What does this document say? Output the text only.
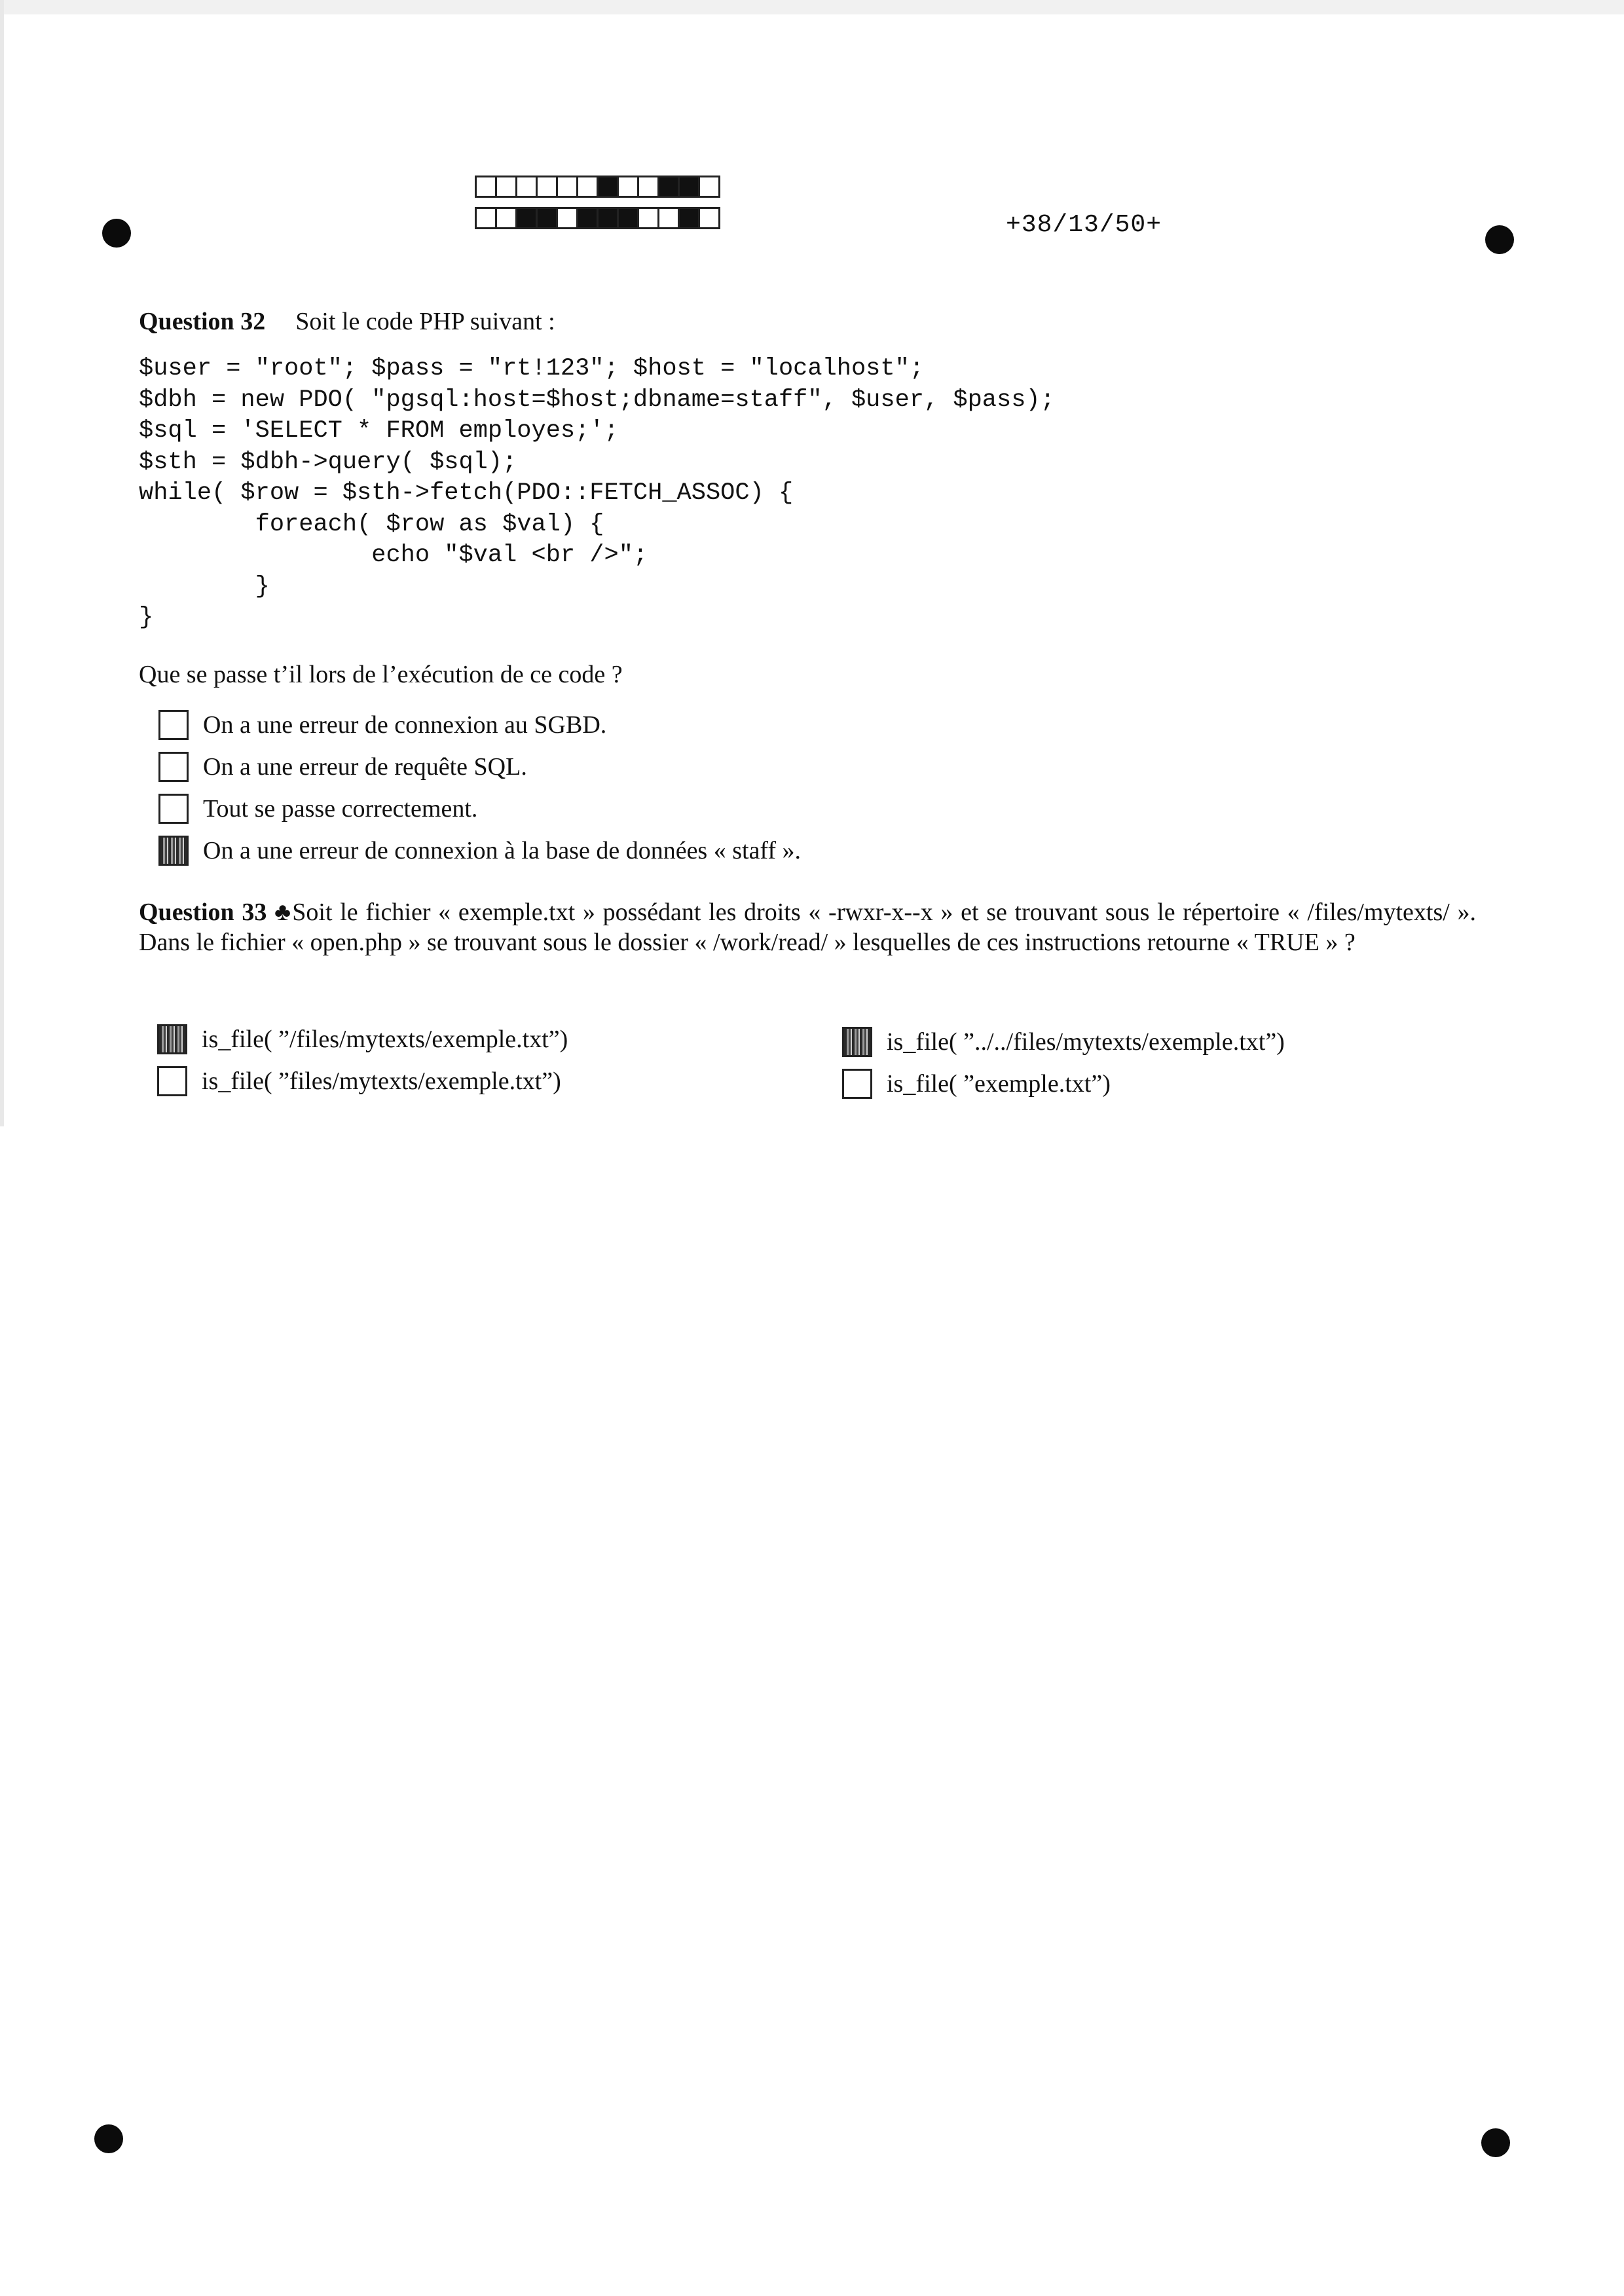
+38/13/50+
Question 32 Soit le code PHP suivant :
$user = "root"; $pass = "rt!123"; $host = "localhost";
$dbh = new PDO( "pgsql:host=$host;dbname=staff", $user, $pass);
$sql = 'SELECT * FROM employes;';
$sth = $dbh->query( $sql);
while( $row = $sth->fetch(PDO::FETCH_ASSOC) {
foreach( $row as $val) {
echo "$val <br />";
}
}
Que se passe t’il lors de l’exécution de ce code ?
On a une erreur de connexion au SGBD.
On a une erreur de requête SQL.
Tout se passe correctement.
On a une erreur de connexion à la base de données « staff ».
Question 33 ♣Soit le fichier « exemple.txt » possédant les droits « -rwxr-x--x » et se trouvant sous le répertoire « /files/mytexts/ ». Dans le fichier « open.php » se trouvant sous le dossier « /work/read/ » lesquelles de ces instructions retourne « TRUE » ?
is_file( ”/files/mytexts/exemple.txt”)	is_file( ”../../files/mytexts/exemple.txt”)
is_file( ”files/mytexts/exemple.txt”)	is_file( ”exemple.txt”)
